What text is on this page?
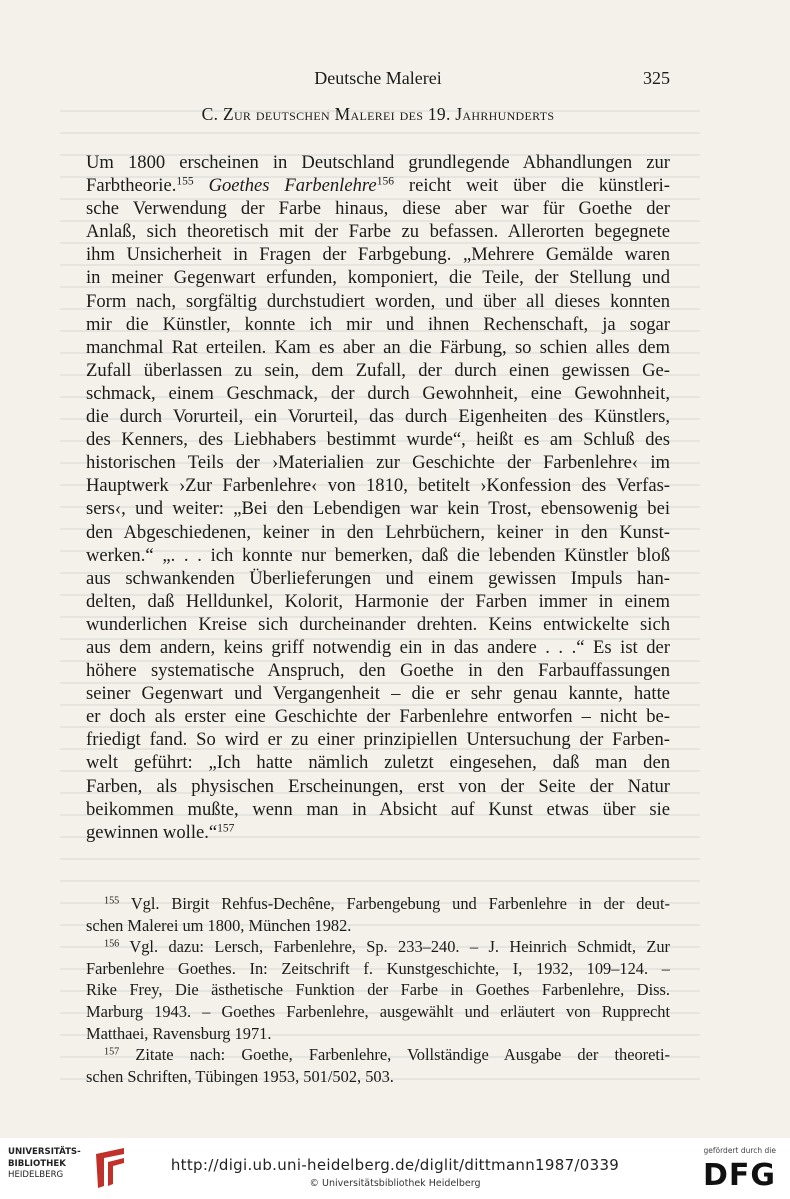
Deutsche Malerei	325
C. Zur deutschen Malerei des 19. Jahrhunderts
Um 1800 erscheinen in Deutschland grundlegende Abhandlungen zur
Farbtheorie.$^{155}$ Goethes Farbenlehre$^{156}$ reicht weit über die künstleri-
sche Verwendung der Farbe hinaus, diese aber war für Goethe der
Anlaß, sich theoretisch mit der Farbe zu befassen. Allerorten begegnete
ihm Unsicherheit in Fragen der Farbgebung. „Mehrere Gemälde waren
in meiner Gegenwart erfunden, komponiert, die Teile, der Stellung und
Form nach, sorgfältig durchstudiert worden, und über all dieses konnten
mir die Künstler, konnte ich mir und ihnen Rechenschaft, ja sogar
manchmal Rat erteilen. Kam es aber an die Färbung, so schien alles dem
Zufall überlassen zu sein, dem Zufall, der durch einen gewissen Ge-
schmack, einem Geschmack, der durch Gewohnheit, eine Gewohnheit,
die durch Vorurteil, ein Vorurteil, das durch Eigenheiten des Künstlers,
des Kenners, des Liebhabers bestimmt wurde“, heißt es am Schluß des
historischen Teils der ›Materialien zur Geschichte der Farbenlehre‹ im
Hauptwerk ›Zur Farbenlehre‹ von 1810, betitelt ›Konfession des Verfas-
sers‹, und weiter: „Bei den Lebendigen war kein Trost, ebensowenig bei
den Abgeschiedenen, keiner in den Lehrbüchern, keiner in den Kunst-
werken.“ „. . . ich konnte nur bemerken, daß die lebenden Künstler bloß
aus schwankenden Überlieferungen und einem gewissen Impuls han-
delten, daß Helldunkel, Kolorit, Harmonie der Farben immer in einem
wunderlichen Kreise sich durcheinander drehten. Keins entwickelte sich
aus dem andern, keins griff notwendig ein in das andere . . .“ Es ist der
höhere systematische Anspruch, den Goethe in den Farbauffassungen
seiner Gegenwart und Vergangenheit – die er sehr genau kannte, hatte
er doch als erster eine Geschichte der Farbenlehre entworfen – nicht be-
friedigt fand. So wird er zu einer prinzipiellen Untersuchung der Farben-
welt geführt: „Ich hatte nämlich zuletzt eingesehen, daß man den
Farben, als physischen Erscheinungen, erst von der Seite der Natur
beikommen mußte, wenn man in Absicht auf Kunst etwas über sie
gewinnen wolle.“$^{157}$
$^{155}$ Vgl. Birgit Rehfus-Dechêne, Farbengebung und Farbenlehre in der deut-
schen Malerei um 1800, München 1982.
$^{156}$ Vgl. dazu: Lersch, Farbenlehre, Sp. 233–240. – J. Heinrich Schmidt, Zur
Farbenlehre Goethes. In: Zeitschrift f. Kunstgeschichte, I, 1932, 109–124. –
Rike Frey, Die ästhetische Funktion der Farbe in Goethes Farbenlehre, Diss.
Marburg 1943. – Goethes Farbenlehre, ausgewählt und erläutert von Rupprecht
Matthaei, Ravensburg 1971.
$^{157}$ Zitate nach: Goethe, Farbenlehre, Vollständige Ausgabe der theoreti-
schen Schriften, Tübingen 1953, 501/502, 503.
UNIVERSITÄTS-
BIBLIOTHEK
HEIDELBERG
http://digi.ub.uni-heidelberg.de/diglit/dittmann1987/0339
© Universitätsbibliothek Heidelberg
gefördert durch die
DFG
